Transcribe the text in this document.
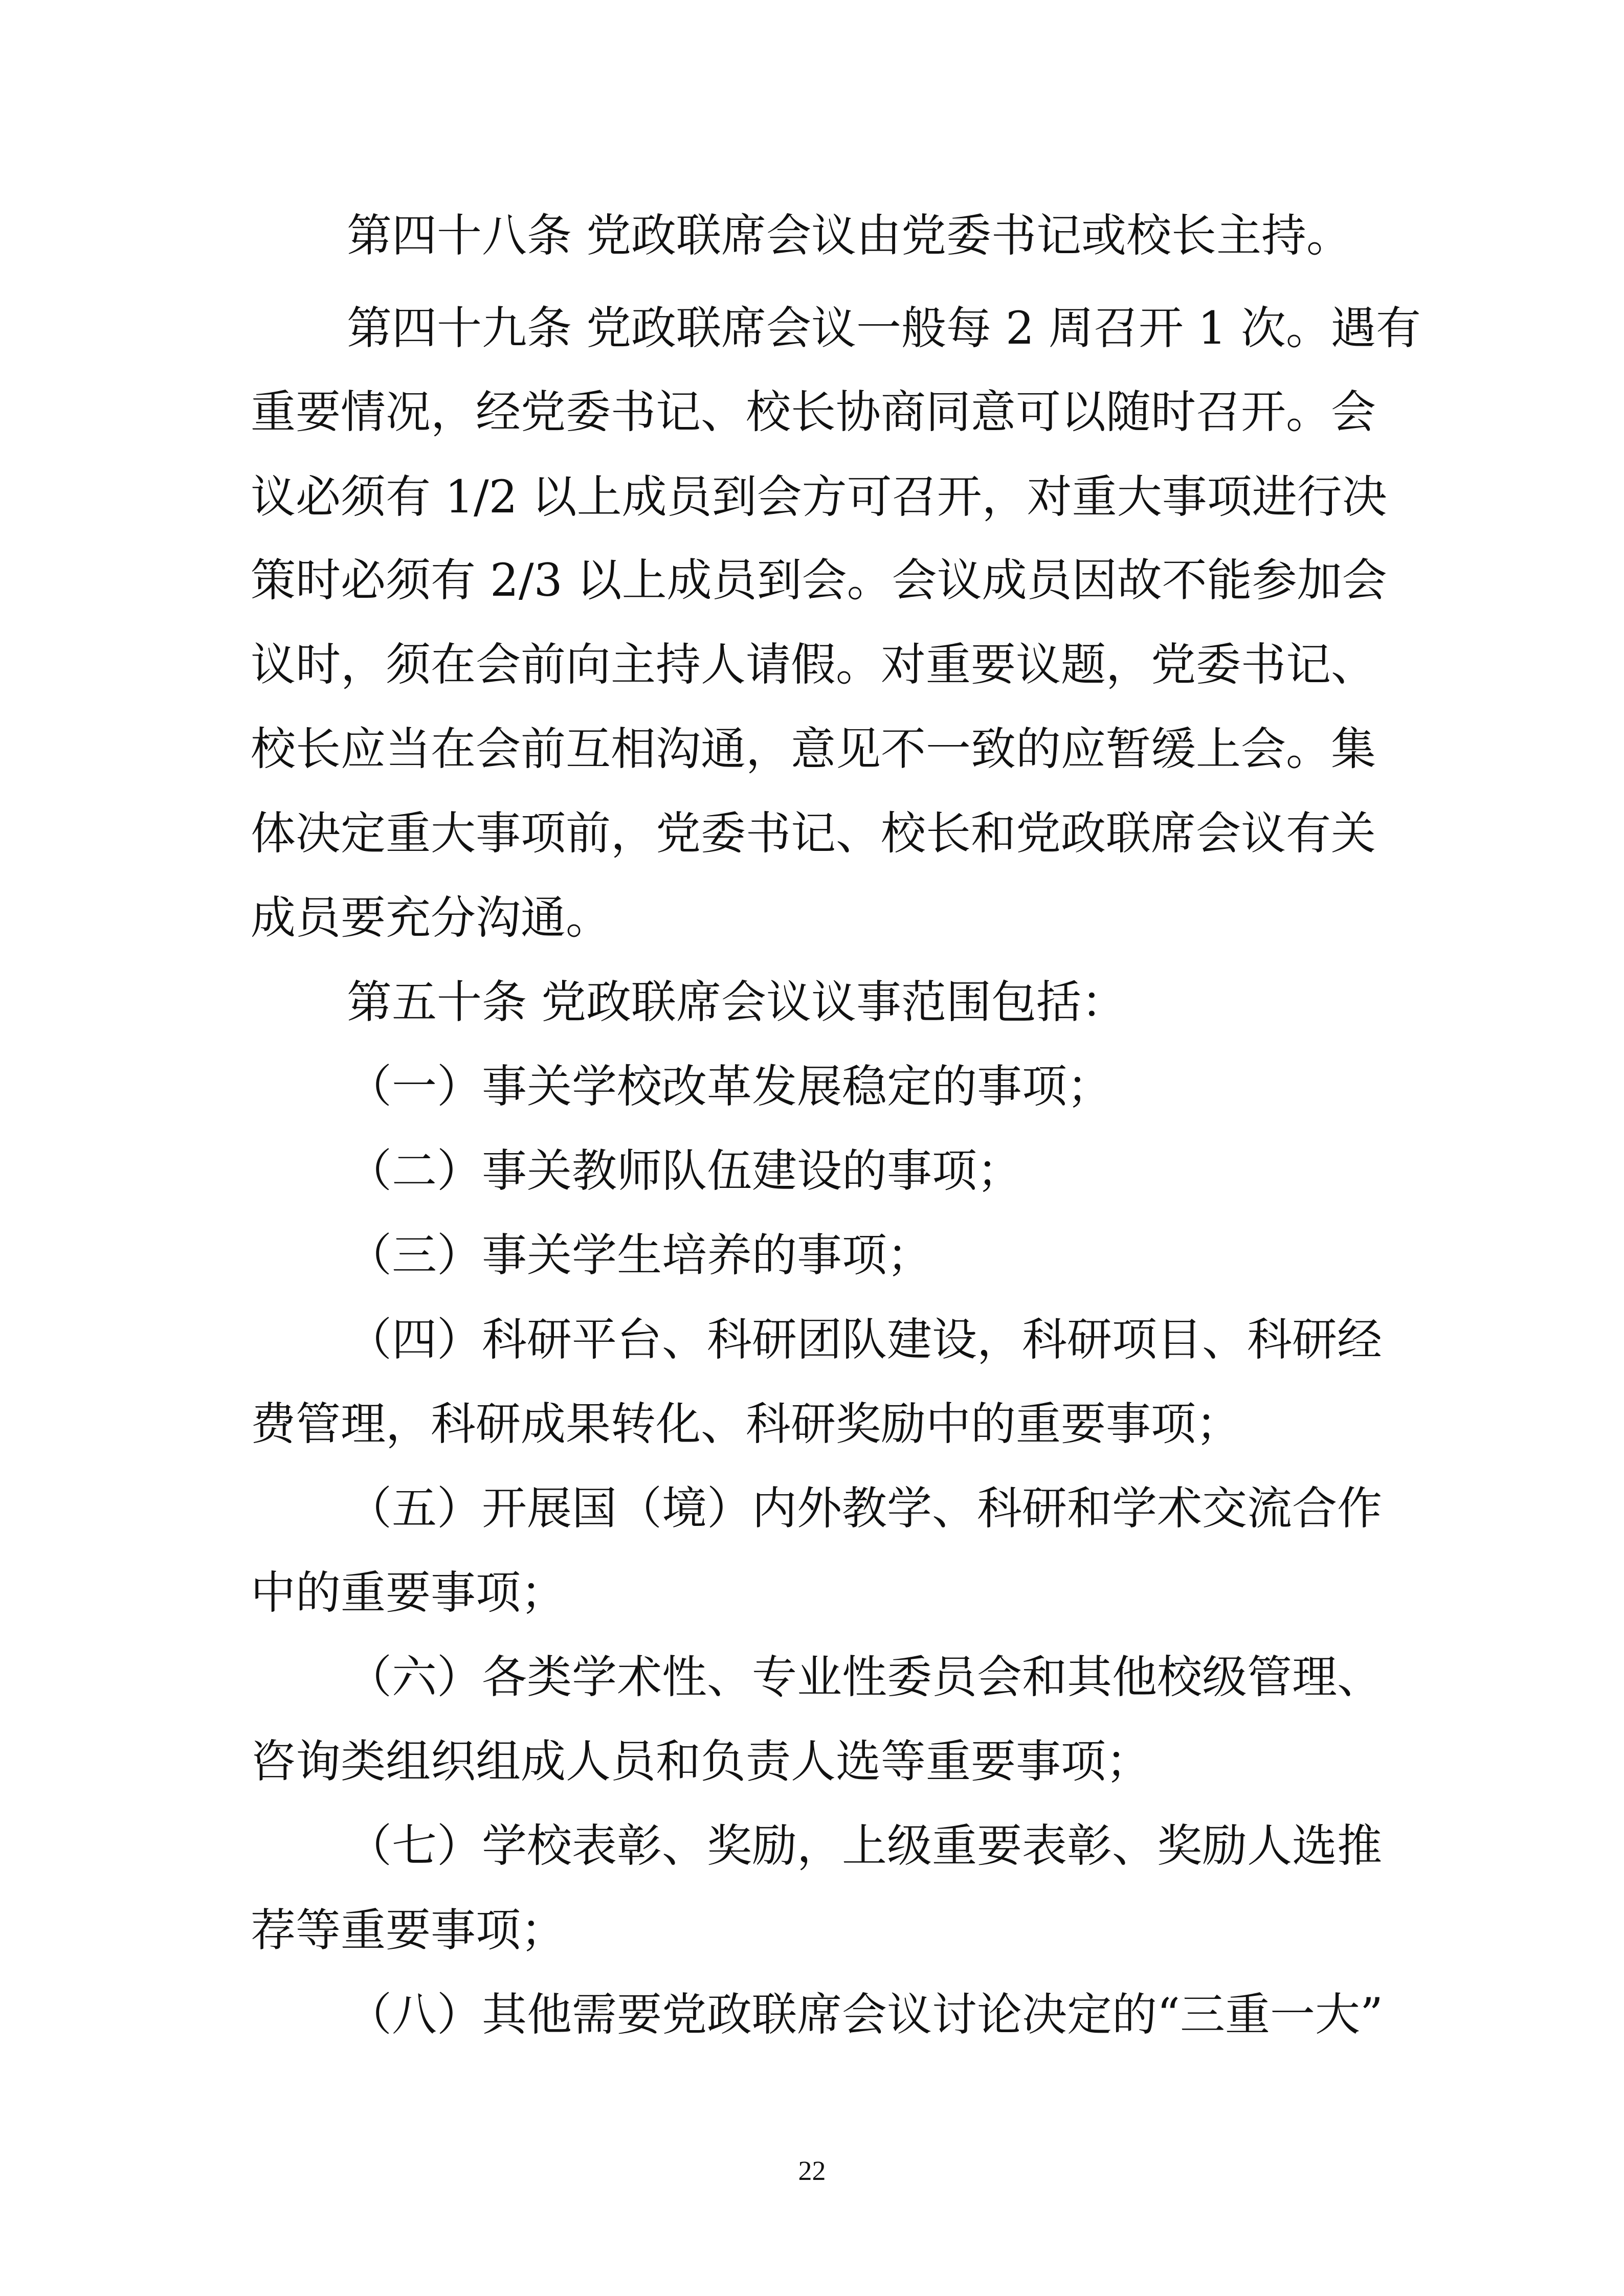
第四十八条 党政联席会议由党委书记或校长主持。
第四十九条 党政联席会议一般每 2 周召开 1 次。遇有
重要情况，经党委书记、校长协商同意可以随时召开。会
议必须有 1/2 以上成员到会方可召开，对重大事项进行决
策时必须有 2/3 以上成员到会。会议成员因故不能参加会
议时，须在会前向主持人请假。对重要议题，党委书记、
校长应当在会前互相沟通，意见不一致的应暂缓上会。集
体决定重大事项前，党委书记、校长和党政联席会议有关
成员要充分沟通。
第五十条 党政联席会议议事范围包括：
（一）事关学校改革发展稳定的事项；
（二）事关教师队伍建设的事项；
（三）事关学生培养的事项；
（四）科研平台、科研团队建设，科研项目、科研经
费管理，科研成果转化、科研奖励中的重要事项；
（五）开展国（境）内外教学、科研和学术交流合作
中的重要事项；
（六）各类学术性、专业性委员会和其他校级管理、
咨询类组织组成人员和负责人选等重要事项；
（七）学校表彰、奖励，上级重要表彰、奖励人选推
荐等重要事项；
（八）其他需要党政联席会议讨论决定的“三重一大”
22
